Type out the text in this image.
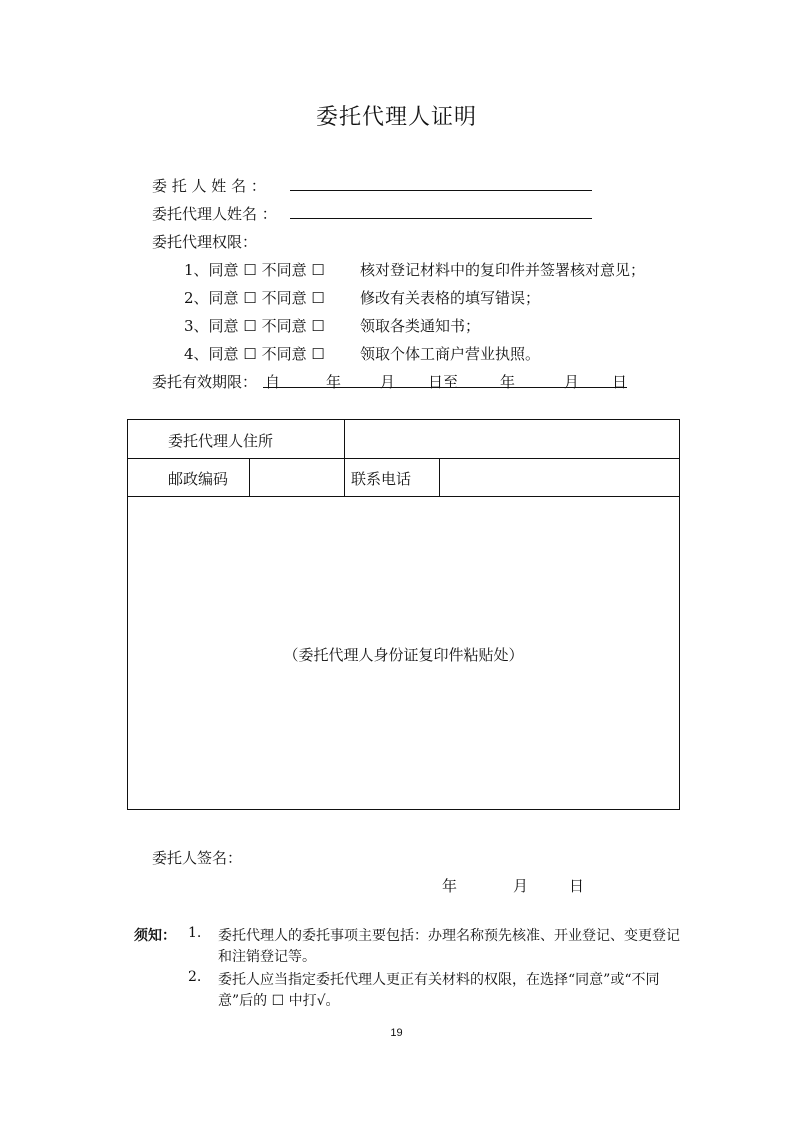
委托代理人证明
委 托 人 姓 名 ：
委托代理人姓名 ：
委托代理权限：
1、同意 ☐ 不同意 ☐ 核对登记材料中的复印件并签署核对意见；
2、同意 ☐ 不同意 ☐ 修改有关表格的填写错误；
3、同意 ☐ 不同意 ☐ 领取各类通知书；
4、同意 ☐ 不同意 ☐ 领取个体工商户营业执照。
委托有效期限： 自	年	月 日至	年	月 日
委托代理人住所
邮政编码	联系电话
（委托代理人身份证复印件粘贴处）
委托人签名：
年	月	日
须知： 1. 委托代理人的委托事项主要包括：办理名称预先核准、开业登记、变更登记
和注销登记等。
2. 委托人应当指定委托代理人更正有关材料的权限，在选择“同意”或“不同
意”后的 ☐ 中打√。
19
